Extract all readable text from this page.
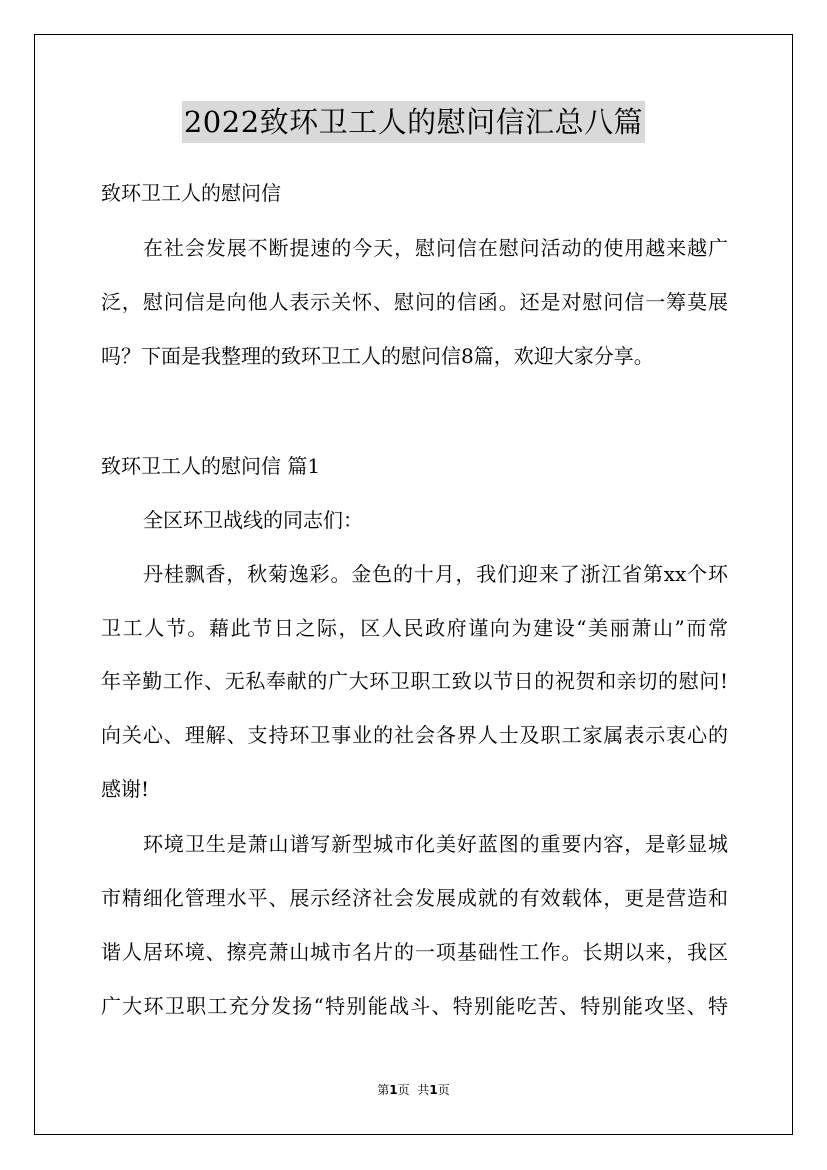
2022致环卫工人的慰问信汇总八篇
致环卫工人的慰问信
在社会发展不断提速的今天，慰问信在慰问活动的使用越来越广
泛，慰问信是向他人表示关怀、慰问的信函。还是对慰问信一筹莫展
吗？下面是我整理的致环卫工人的慰问信8篇，欢迎大家分享。
致环卫工人的慰问信 篇1
全区环卫战线的同志们：
丹桂飘香，秋菊逸彩。金色的十月，我们迎来了浙江省第xx个环
卫工人节。藉此节日之际，区人民政府谨向为建设“美丽萧山”而常
年辛勤工作、无私奉献的广大环卫职工致以节日的祝贺和亲切的慰问!
向关心、理解、支持环卫事业的社会各界人士及职工家属表示衷心的
感谢!
环境卫生是萧山谱写新型城市化美好蓝图的重要内容，是彰显城
市精细化管理水平、展示经济社会发展成就的有效载体，更是营造和
谐人居环境、擦亮萧山城市名片的一项基础性工作。长期以来，我区
广大环卫职工充分发扬“特别能战斗、特别能吃苦、特别能攻坚、特
第1页 共1页
